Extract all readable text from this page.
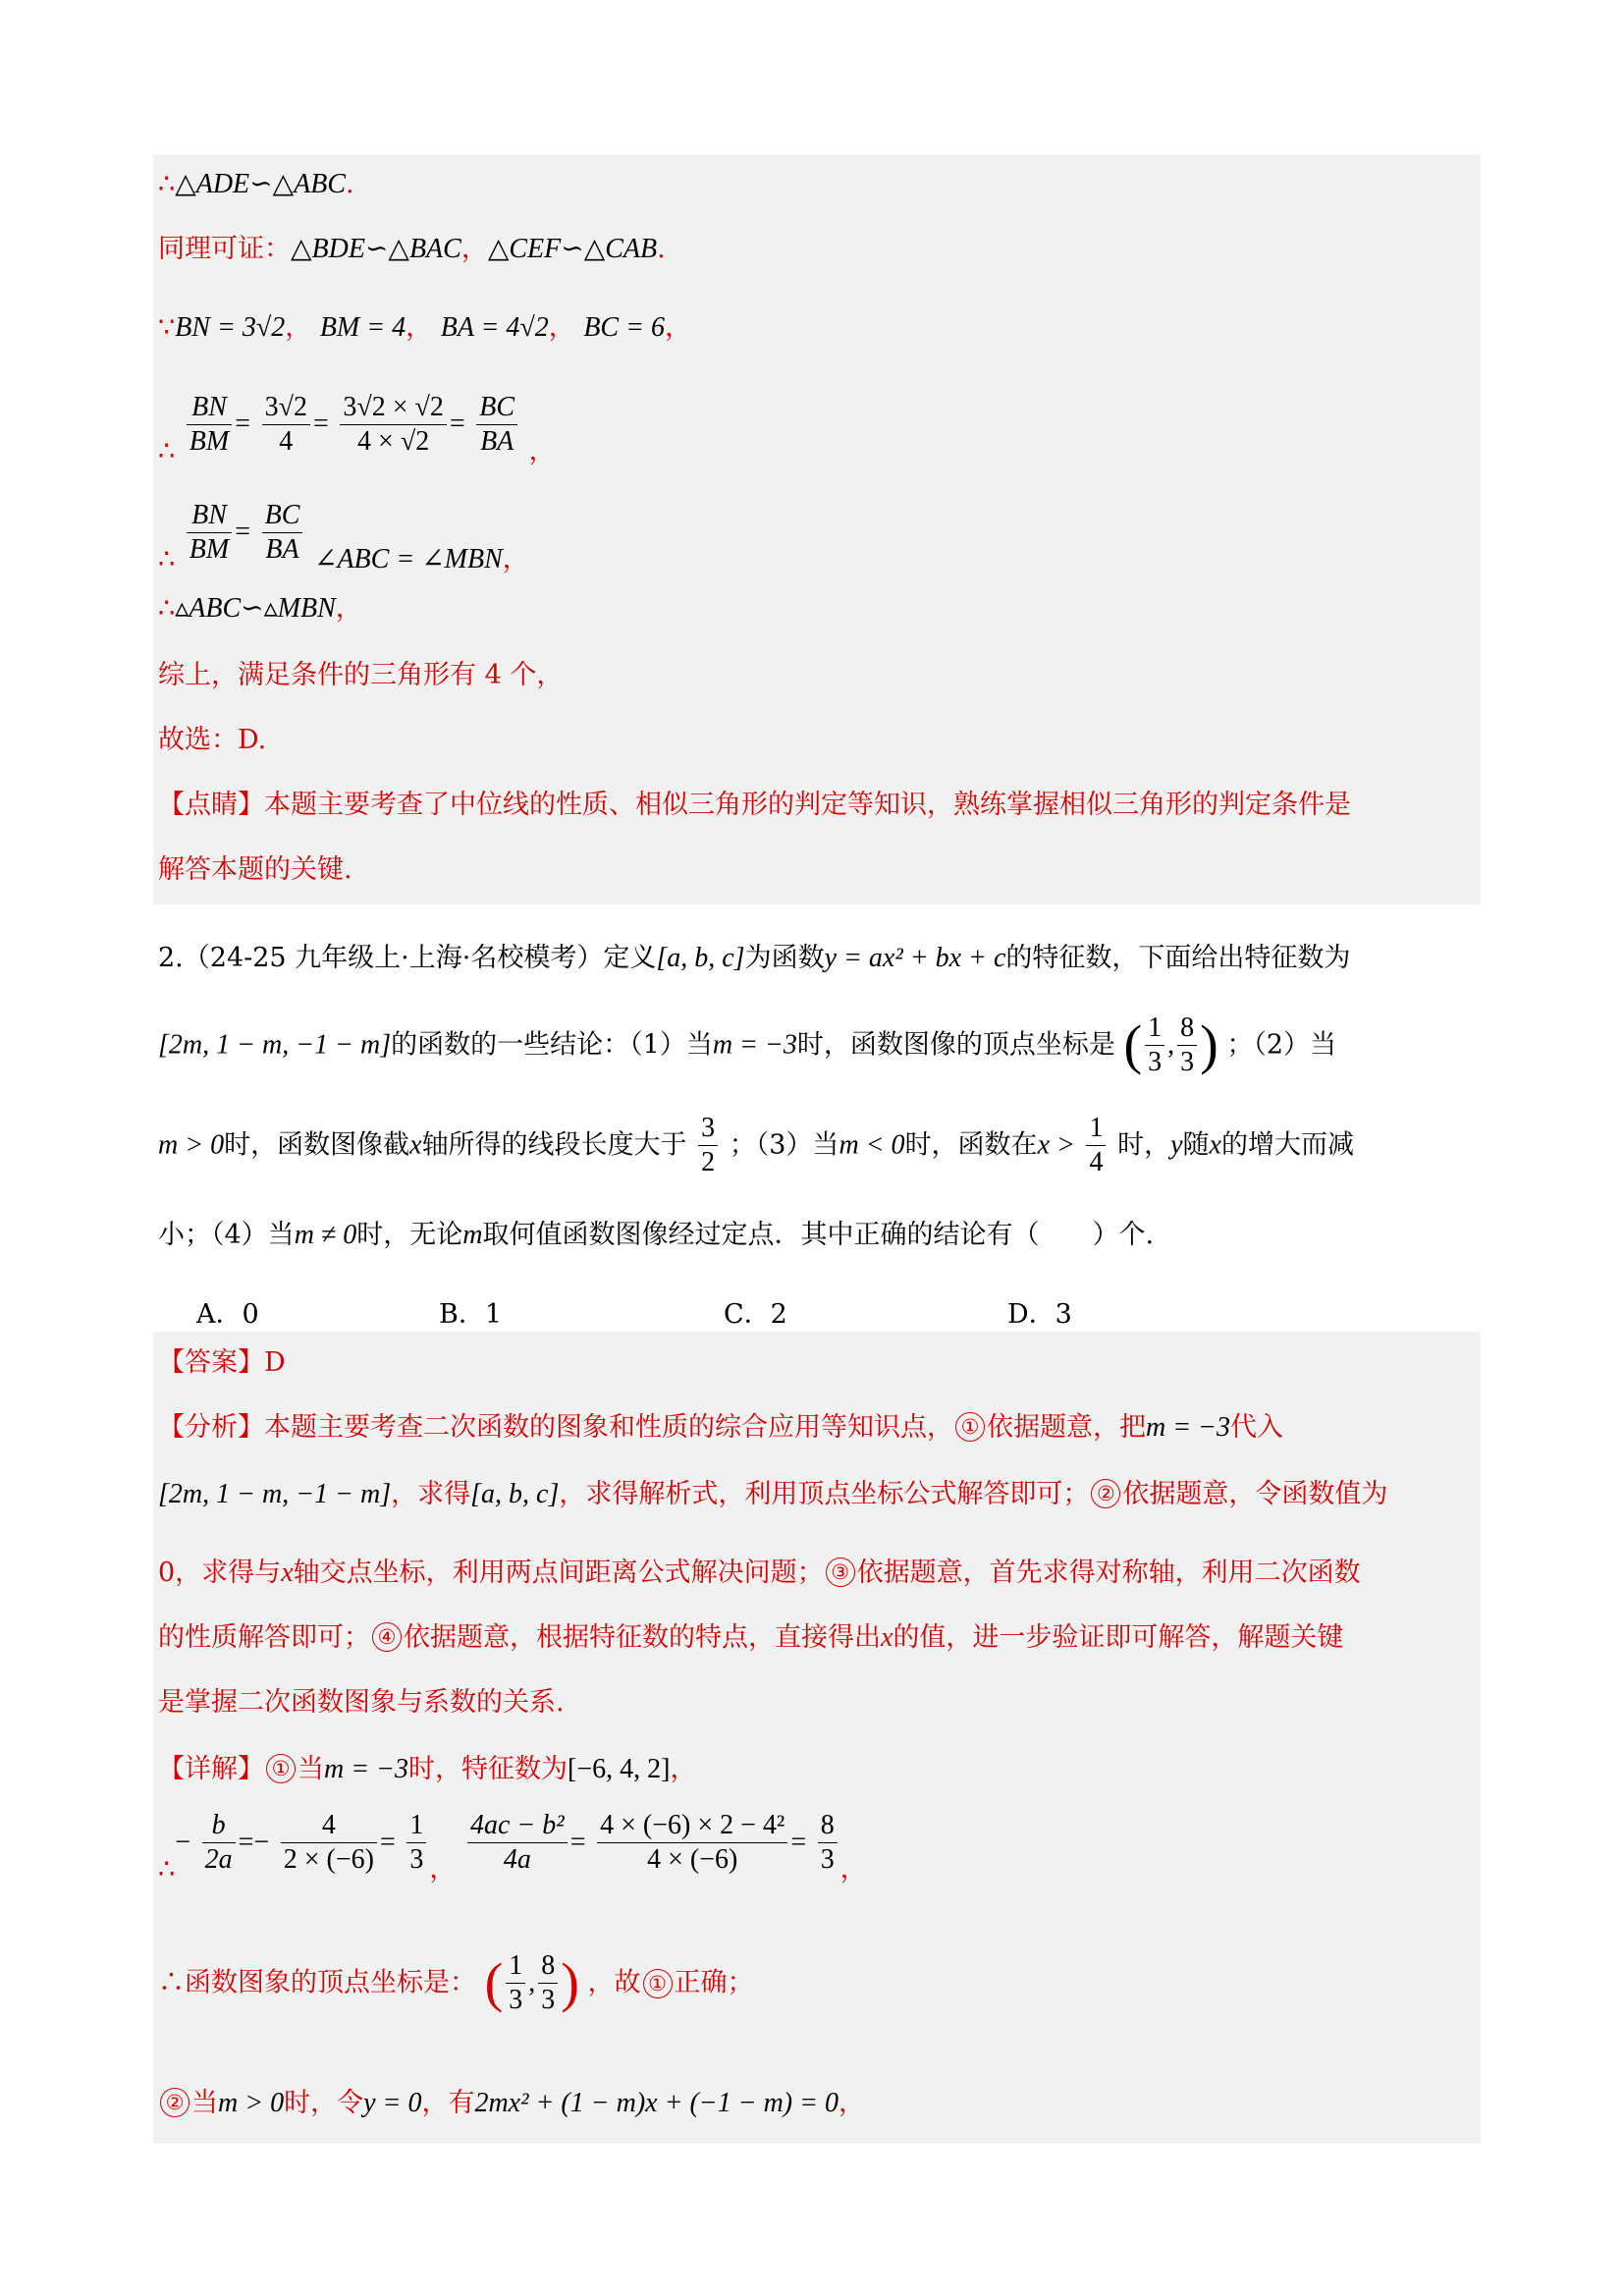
∴△ADE∽△ABC.
同理可证：△BDE∽△BAC，△CEF∽△CAB.
∵BN = 3√2， BM = 4， BA = 4√2， BC = 6，
∴ $\frac{BN}{BM} = \frac{3√2}{4} = \frac{3√2 \times √2}{4 \times √2} = \frac{BC}{BA}$ ，
∴ $\frac{BN}{BM} = \frac{BC}{BA}$ ∠ABC = ∠MBN，
∴▵ABC∽▵MBN，
综上，满足条件的三角形有 4 个，
故选：D.
【点睛】本题主要考查了中位线的性质、相似三角形的判定等知识，熟练掌握相似三角形的判定条件是
解答本题的关键.
2.（24-25 九年级上·上海·名校模考）定义[a, b, c]为函数y = ax² + bx + c的特征数，下面给出特征数为
[2m, 1 − m, −1 − m]的函数的一些结论：（1）当m = −3时，函数图像的顶点坐标是 ( $\frac{1}{3}$ , $\frac{8}{3}$ ) ；（2）当
m > 0时，函数图像截x轴所得的线段长度大于 $\frac{3}{2}$ ；（3）当m < 0时，函数在$x > \frac{1}{4}$ 时，y随x的增大而减
小；（4）当m ≠ 0时，无论m取何值函数图像经过定点．其中正确的结论有（　　）个.
A．0	B．1	C．2	D．3
【答案】D
【分析】本题主要考查二次函数的图象和性质的综合应用等知识点， ① 依据题意，把m = −3代入
[2m, 1 − m, −1 − m]，求得[a, b, c]，求得解析式，利用顶点坐标公式解答即可； ② 依据题意，令函数值为
0，求得与x轴交点坐标，利用两点间距离公式解决问题； ③ 依据题意，首先求得对称轴，利用二次函数
的性质解答即可； ④ 依据题意，根据特征数的特点，直接得出x的值，进一步验证即可解答，解题关键
是掌握二次函数图象与系数的关系.
【详解】 ① 当m = −3时，特征数为[−6, 4, 2]，
∴− $\frac{b}{2a} =- \frac{4}{2 \times (-6)} = \frac{1}{3}$ ， $\frac{\text{4ac − b²}}{4a} = \frac{\text{4 × (−6) × 2 − 4²}}{4 \times (-6)} = \frac{8}{3}$ ，
∴函数图象的顶点坐标是： ( $\frac{1}{3}$ , $\frac{8}{3}$ ) ，故 ① 正确；
② 当m > 0时，令y = 0，有2mx² + (1 − m)x + (−1 − m) = 0，
